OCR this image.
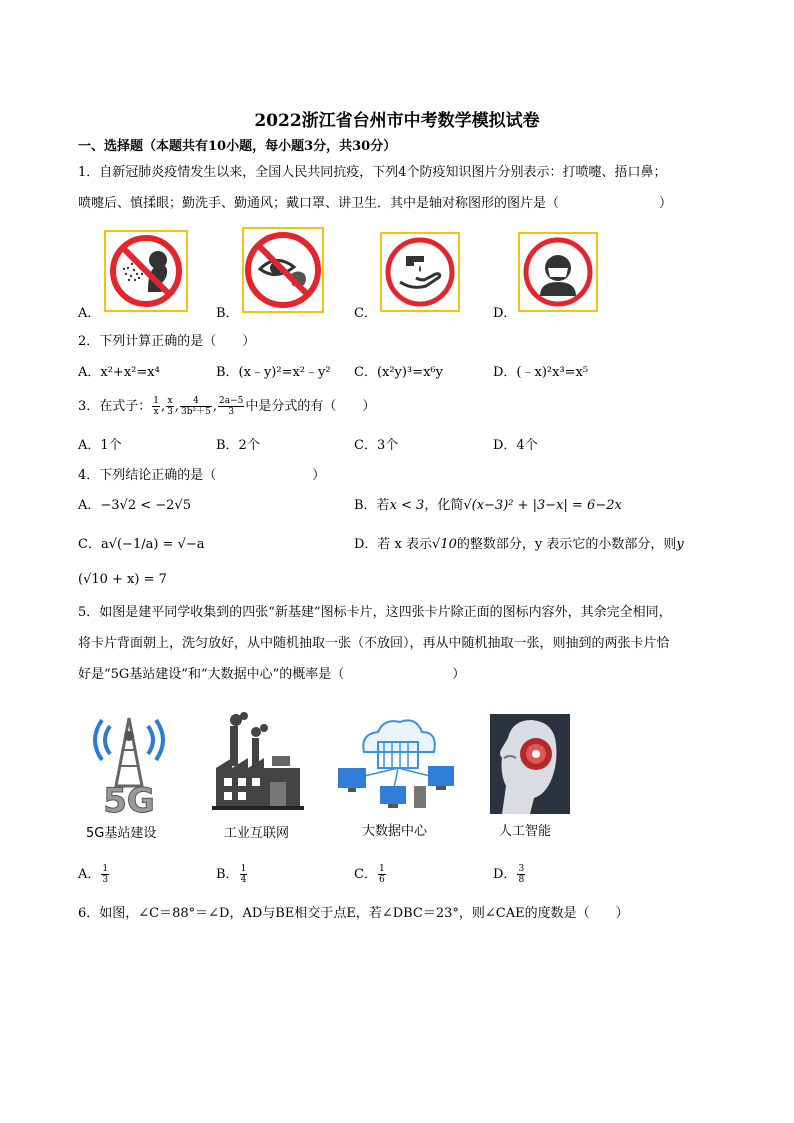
2022浙江省台州市中考数学模拟试卷
一、选择题（本题共有10小题，每小题3分，共30分）
1．自新冠肺炎疫情发生以来，全国人民共同抗疫，下列4个防疫知识图片分别表示：打喷嚏、捂口鼻；
喷嚏后、慎揉眼；勤洗手、勤通风；戴口罩、讲卫生．其中是轴对称图形的图片是（	）
A．	B．	C．	D．
2．下列计算正确的是（　　）
A．x²+x²=x⁴	B．(x﹣y)²=x²﹣y² C．(x²y)³=x⁶y	D．(﹣x)²x³=x⁵
3．在式子： $\frac{1}{x}$ , $\frac{x}{3}$ , $\frac{4}{\text{3b²＋5}}$ , $\frac{2a-5}{3}$ 中是分式的有（　　）
A．1个	B．2个	C．3个	D．4个
4．下列结论正确的是（	）
A．−3√2 < −2√5	B．若x < 3，化简√(x−3)² + |3−x| = 6−2x
C．a√(−1/a) = √−a	D．若 x 表示√10的整数部分，y 表示它的小数部分，则y
(√10 + x) = 7
5．如图是建平同学收集到的四张“新基建”图标卡片，这四张卡片除正面的图标内容外，其余完全相同，
将卡片背面朝上，洗匀放好，从中随机抽取一张（不放回），再从中随机抽取一张，则抽到的两张卡片恰
好是“5G基站建设”和“大数据中心”的概率是（	）
5G
5G基站建设	工业互联网	大数据中心	人工智能
A． $\frac{1}{3}$	B． $\frac{1}{4}$	C． $\frac{1}{6}$	D． $\frac{3}{8}$
6．如图，∠C＝88°＝∠D，AD与BE相交于点E，若∠DBC＝23°，则∠CAE的度数是（　　）
